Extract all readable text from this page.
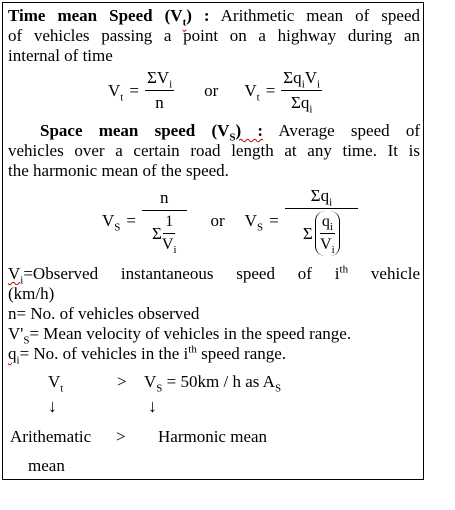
Time mean Speed $(V_t)$ : Arithmetic mean of speed

of vehicles passing a point on a highway during an

internal of time

$V_t = \frac{\Sigma V_i}{n}$ or $V_t = \frac{\Sigma q_iV_i}{\Sigma q_i}$

Space mean speed $(V_S)$ : Average speed of

vehicles over a certain road length at any time. It is

the harmonic mean of the speed.

$V_S = \frac{n}{\Sigma \frac{1}{V_i}}$ or $V_S = \frac{\Sigma q_i}{\Sigma \frac{q_i}{V_i}}$

$V_i=Observed$ instantaneous speed of $i^{th}$ vehicle

(km/h)

n= No. of vehicles observed

$V'_S=$ Mean velocity of vehicles in the speed range.

$q_i= No$. of vehicles in the $i^{th}$ speed range.

$V_t$	> $V_S = 50km / h$ as $A_S$
↓	↓
Arithematic > Harmonic mean
mean
